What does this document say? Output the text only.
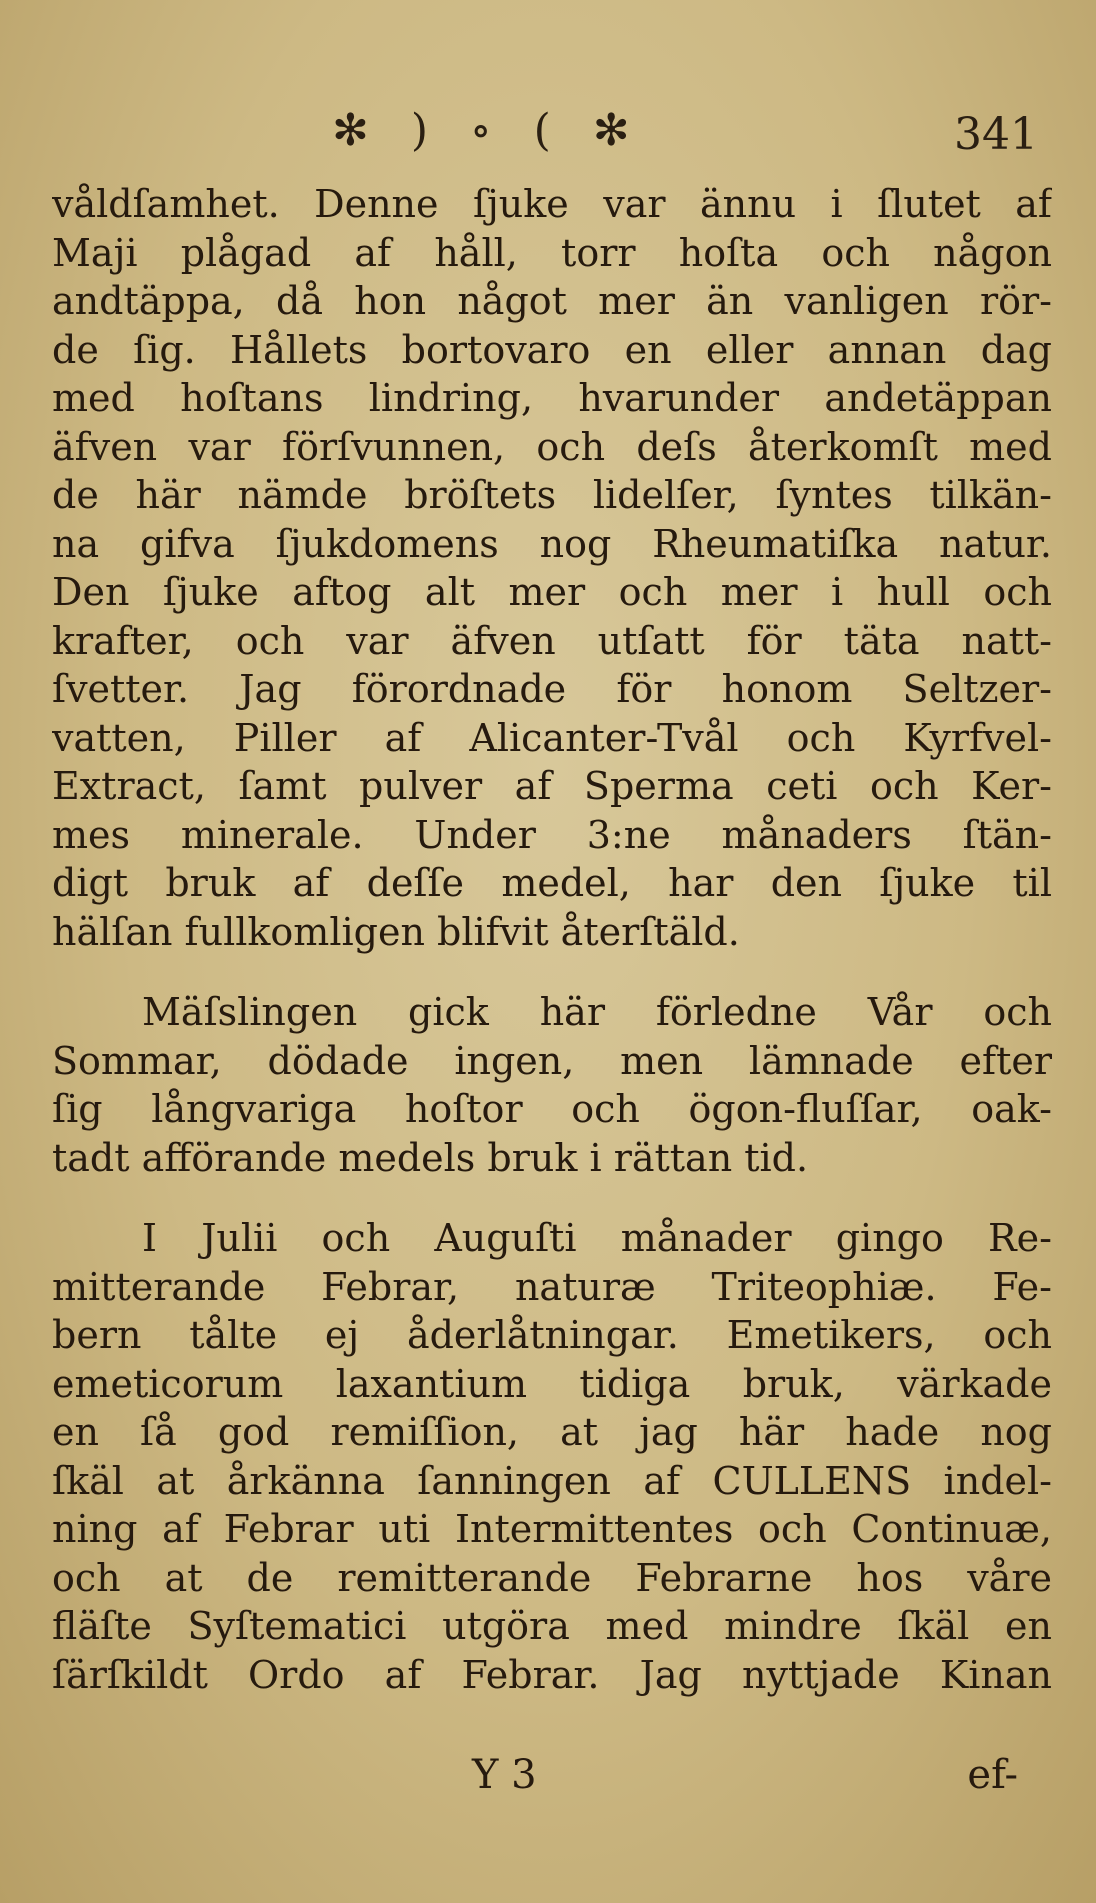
✻ ) ∘ ( ✻	341
våldſamhet. Denne ſjuke var ännu i ſlutet af
Maji plågad af håll, torr hoſta och någon
andtäppa, då hon något mer än vanligen rör-
de ſig. Hållets bortovaro en eller annan dag
med hoſtans lindring, hvarunder andetäppan
äfven var förſvunnen, och deſs återkomſt med
de här nämde bröſtets lidelſer, ſyntes tilkän-
na gifva ſjukdomens nog Rheumatiſka natur.
Den ſjuke aftog alt mer och mer i hull och
krafter, och var äfven utſatt för täta natt-
ſvetter. Jag förordnade för honom Seltzer-
vatten, Piller af Alicanter-Tvål och Kyrfvel-
Extract, ſamt pulver af Sperma ceti och Ker-
mes minerale. Under 3:ne månaders ſtän-
digt bruk af deſſe medel, har den ſjuke til
hälſan fullkomligen blifvit återſtäld.
Mäſslingen gick här förledne Vår och
Sommar, dödade ingen, men lämnade efter
ſig långvariga hoſtor och ögon-fluſſar, oak-
tadt afförande medels bruk i rättan tid.
I Julii och Auguſti månader gingo Re-
mitterande Febrar, naturæ Triteophiæ. Fe-
bern tålte ej åderlåtningar. Emetikers, och
emeticorum laxantium tidiga bruk, värkade
en ſå god remiſſion, at jag här hade nog
ſkäl at årkänna ſanningen af CULLENS indel-
ning af Febrar uti Intermittentes och Continuæ,
och at de remitterande Febrarne hos våre
fläſte Syſtematici utgöra med mindre ſkäl en
ſärſkildt Ordo af Febrar. Jag nyttjade Kinan
Y 3	ef-
